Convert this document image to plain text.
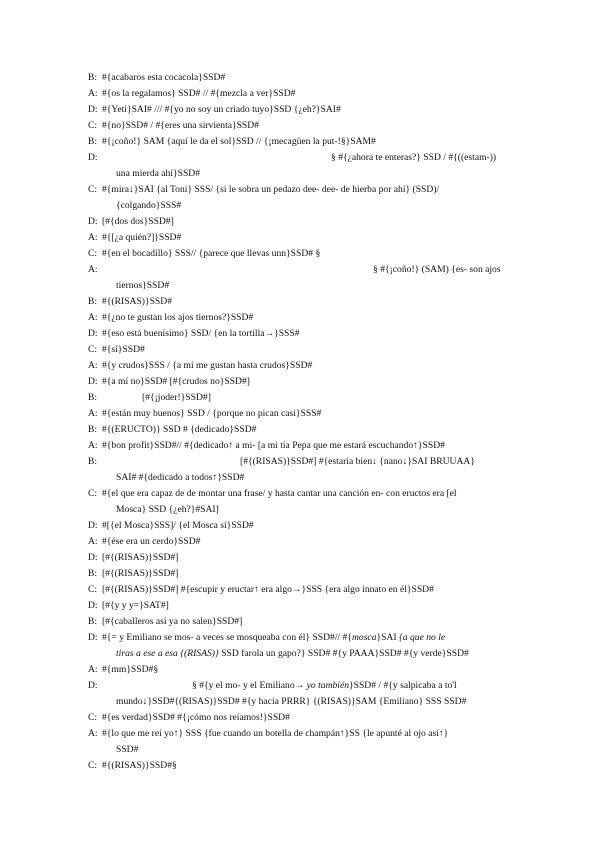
B: #{acabaros esta cocacola}SSD#
A: #{os la regalamos} SSD# // #{mezcla a ver}SSD#
D: #{Yeti}SAI# /// #{yo no soy un criado tuyo}SSD {¿eh?}SAI#
C: #{no}SSD# / #{eres una sirvienta}SSD#
B: #{¡coño!} SAM {aquí le da el sol}SSD // {¡mecagüen la put-!§}SAM#
D:	§ #{¿ahora te enteras?} SSD / #{((estam-))
una mierda ahí}SSD#
C: #{mira↓}SAI {al Toni} SSS/ {si le sobra un pedazo dee- dee- de hierba por ahí} (SSD)/
{colgando}SSS#
D: [#{dos dos}SSD#]
A: #{[¿a quién?]}SSD#
C: #{en el bocadillo} SSS// {parece que llevas unn}SSD# §
A:	§ #{¡coño!} (SAM) {es- son ajos
tiernos}SSD#
B: #{(RISAS)}SSD#
A: #{¿no te gustan los ajos tiernos?}SSD#
D: #{eso está buenísimo} SSD/ {en la tortilla→}SSS#
C: #{sí}SSD#
A: #{y crudos}SSS / {a mí me gustan hasta crudos}SSD#
D: #{a mí no}SSD# [#{crudos no}SSD#]
B:	[#{¡joder!}SSD#]
A: #{están muy buenos} SSD / {porque no pican casi}SSS#
B: #{(ERUCTO)} SSD # {dedicado}SSD#
A: #{bon profit}SSD#// #{dedicado↑ a mi- [a mi tía Pepa que me estará escuchando↑}SSD#
B:	[#{(RISAS)}SSD#] #{estaría bien↓ {nano↓}SAI BRUUAA}
SAI# #{dedicado a todos↑}SSD#
C: #{el que era capaz de de montar una frase/ y hasta cantar una canción en- con eructos era [el
Mosca} SSD {¿eh?}#SAI]
D: #[{el Mosca}SSS]/ {el Mosca sí}SSD#
A: #{ése era un cerdo}SSD#
D: [#{(RISAS)}SSD#]
B: [#{(RISAS)}SSD#]
C: [#{(RISAS)}SSD#] #{escupir y eructar↑ era algo→}SSS {era algo innato en él}SSD#
D: [#{y y y=}SAT#]
B: [#{caballeros así ya no salen}SSD#]
D: #{= y Emiliano se mos- a veces se mosqueaba con él} SSD#// #{mosca}SAI {a que no le
tiras a ese a esa {(RISAS)} SSD farola un gapo?} SSD# #{y PAAA}SSD# #{y verde}SSD#
A: #{mm}SSD#§
D:	§ #{y el mo- y el Emiliano→ yo también}SSD# / #{y salpicaba a to'l
mundo↓}SSD#{(RISAS)}SSD# #{y hacía PRRR} {(RISAS)}SAM {Emiliano} SSS SSD#
C: #{es verdad}SSD# #{¡cómo nos reíamos!}SSD#
A: #{lo que me reí yo↑} SSS {fue cuando un botella de champán↑}SS {le apunté al ojo así↑}
SSD#
C: #{(RISAS)}SSD#§
